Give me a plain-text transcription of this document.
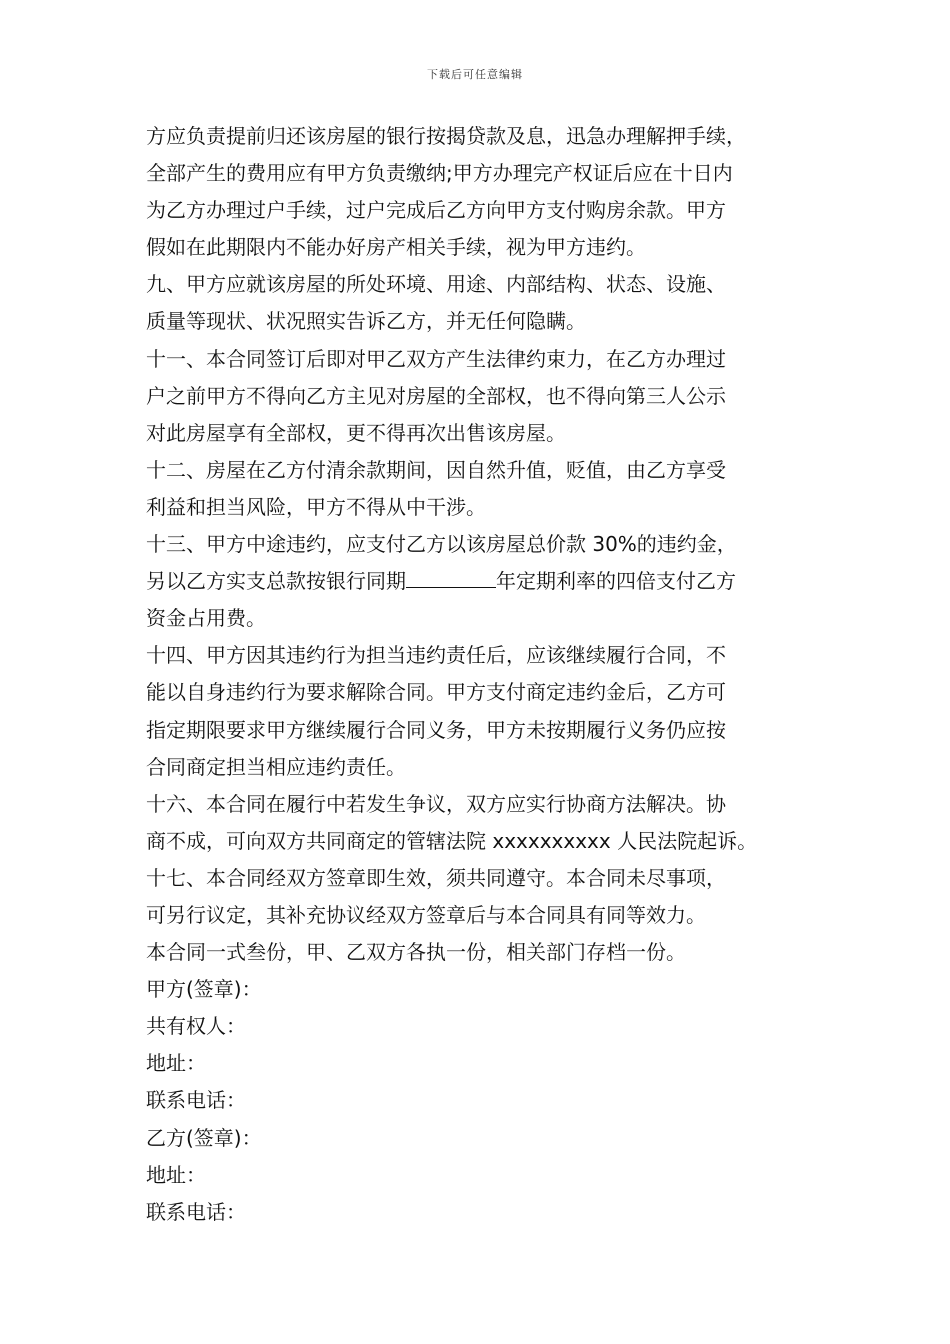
下载后可任意编辑
方应负责提前归还该房屋的银行按揭贷款及息，迅急办理解押手续，
全部产生的费用应有甲方负责缴纳;甲方办理完产权证后应在十日内
为乙方办理过户手续，过户完成后乙方向甲方支付购房余款。甲方
假如在此期限内不能办好房产相关手续，视为甲方违约。
九、甲方应就该房屋的所处环境、用途、内部结构、状态、设施、
质量等现状、状况照实告诉乙方，并无任何隐瞒。
十一、本合同签订后即对甲乙双方产生法律约束力，在乙方办理过
户之前甲方不得向乙方主见对房屋的全部权，也不得向第三人公示
对此房屋享有全部权，更不得再次出售该房屋。
十二、房屋在乙方付清余款期间，因自然升值，贬值，由乙方享受
利益和担当风险，甲方不得从中干涉。
十三、甲方中途违约，应支付乙方以该房屋总价款 30%的违约金，
另以乙方实支总款按银行同期	年定期利率的四倍支付乙方
资金占用费。
十四、甲方因其违约行为担当违约责任后，应该继续履行合同，不
能以自身违约行为要求解除合同。甲方支付商定违约金后，乙方可
指定期限要求甲方继续履行合同义务，甲方未按期履行义务仍应按
合同商定担当相应违约责任。
十六、本合同在履行中若发生争议，双方应实行协商方法解决。协
商不成，可向双方共同商定的管辖法院 xxxxxxxxxx 人民法院起诉。
十七、本合同经双方签章即生效，须共同遵守。本合同未尽事项，
可另行议定，其补充协议经双方签章后与本合同具有同等效力。
本合同一式叁份，甲、乙双方各执一份，相关部门存档一份。
甲方(签章)：
共有权人：
地址：
联系电话：
乙方(签章)：
地址：
联系电话：
